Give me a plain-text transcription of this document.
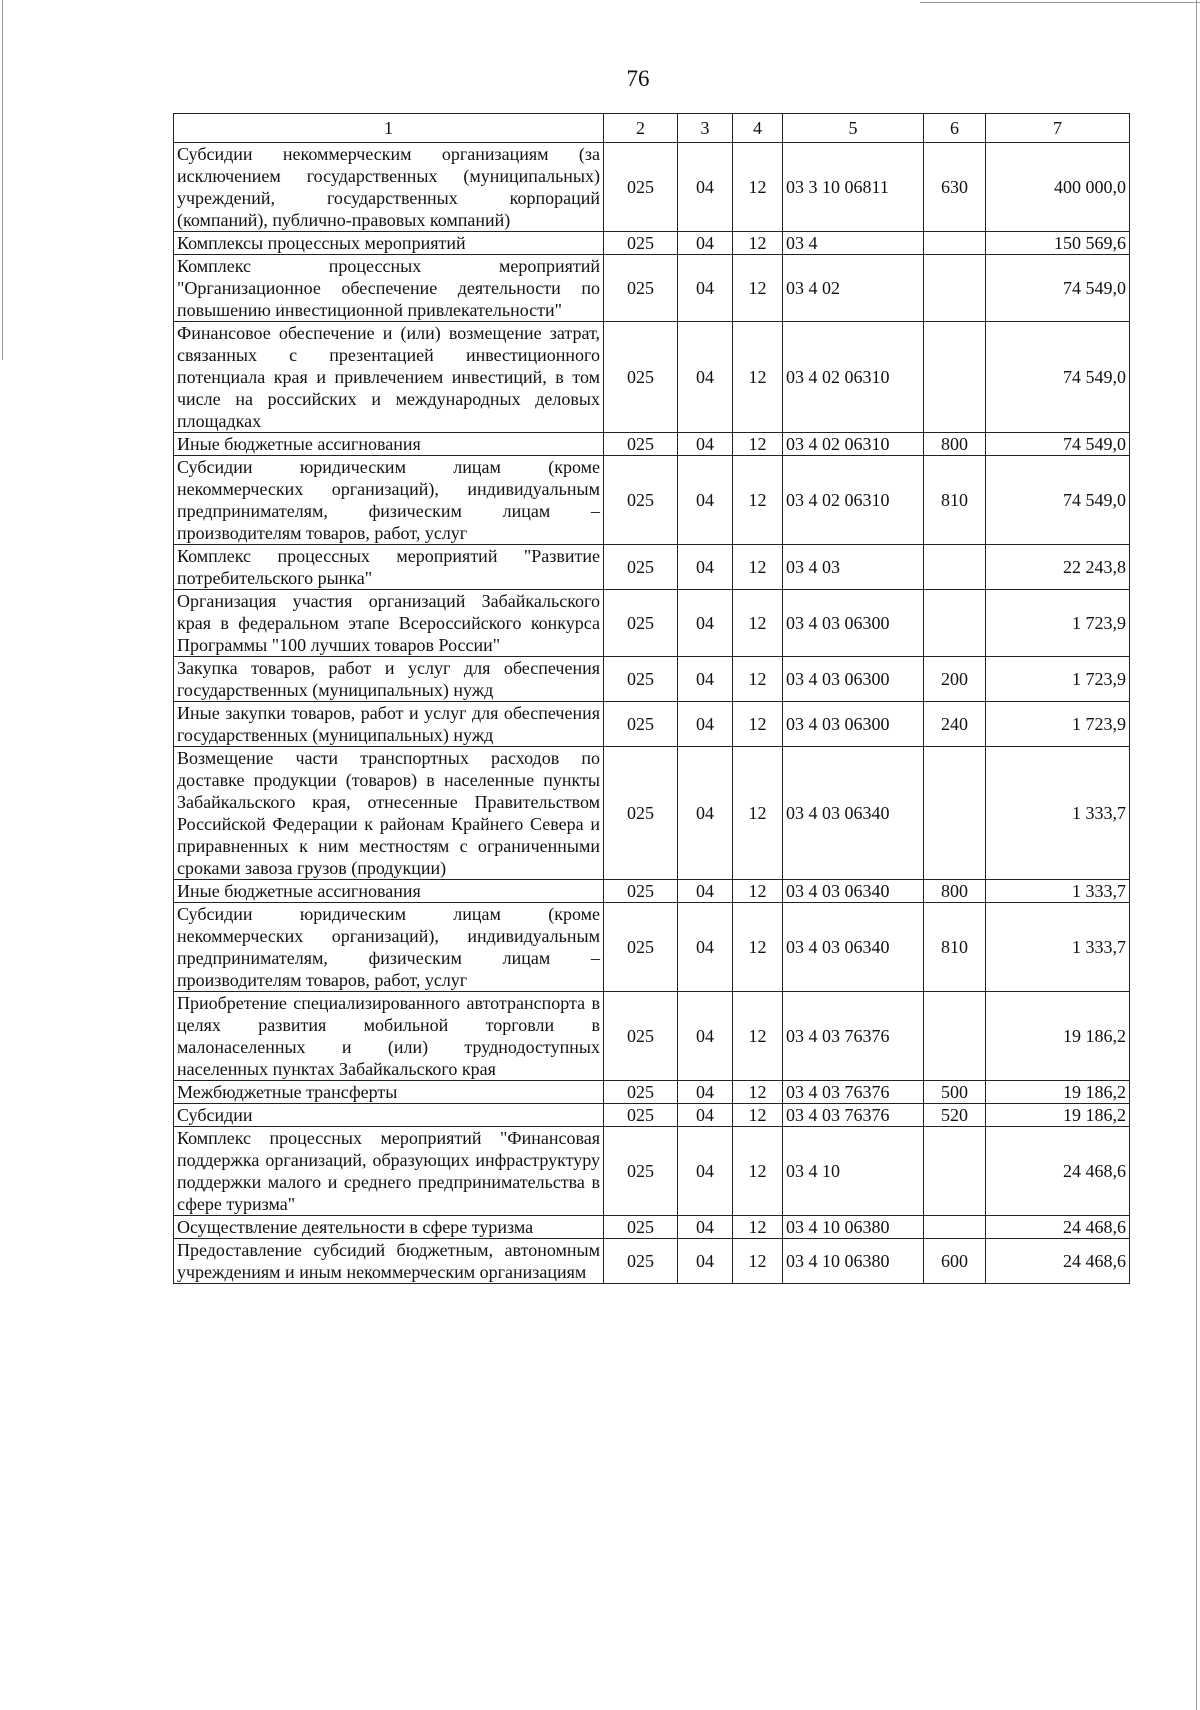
76
1	2	3	4	5	6	7
Субсидии некоммерческим организациям (за исключением государственных (муниципальных) учреждений, государственных корпораций (компаний), публично-правовых компаний)	025	04	12	03 3 10 06811	630	400 000,0
Комплексы процессных мероприятий	025	04	12	03 4		150 569,6
Комплекс процессных мероприятий "Организационное обеспечение деятельности по повышению инвестиционной привлекательности"	025	04	12	03 4 02		74 549,0
Финансовое обеспечение и (или) возмещение затрат, связанных с презентацией инвестиционного потенциала края и привлечением инвестиций, в том числе на российских и международных деловых площадках	025	04	12	03 4 02 06310		74 549,0
Иные бюджетные ассигнования	025	04	12	03 4 02 06310	800	74 549,0
Субсидии юридическим лицам (кроме некоммерческих организаций), индивидуальным предпринимателям, физическим лицам – производителям товаров, работ, услуг	025	04	12	03 4 02 06310	810	74 549,0
Комплекс процессных мероприятий "Развитие потребительского рынка"	025	04	12	03 4 03		22 243,8
Организация участия организаций Забайкальского края в федеральном этапе Всероссийского конкурса Программы "100 лучших товаров России"	025	04	12	03 4 03 06300		1 723,9
Закупка товаров, работ и услуг для обеспечения государственных (муниципальных) нужд	025	04	12	03 4 03 06300	200	1 723,9
Иные закупки товаров, работ и услуг для обеспечения государственных (муниципальных) нужд	025	04	12	03 4 03 06300	240	1 723,9
Возмещение части транспортных расходов по доставке продукции (товаров) в населенные пункты Забайкальского края, отнесенные Правительством Российской Федерации к районам Крайнего Севера и приравненных к ним местностям с ограниченными сроками завоза грузов (продукции)	025	04	12	03 4 03 06340		1 333,7
Иные бюджетные ассигнования	025	04	12	03 4 03 06340	800	1 333,7
Субсидии юридическим лицам (кроме некоммерческих организаций), индивидуальным предпринимателям, физическим лицам – производителям товаров, работ, услуг	025	04	12	03 4 03 06340	810	1 333,7
Приобретение специализированного автотранспорта в целях развития мобильной торговли в малонаселенных и (или) труднодоступных населенных пунктах Забайкальского края	025	04	12	03 4 03 76376		19 186,2
Межбюджетные трансферты	025	04	12	03 4 03 76376	500	19 186,2
Субсидии	025	04	12	03 4 03 76376	520	19 186,2
Комплекс процессных мероприятий "Финансовая поддержка организаций, образующих инфраструктуру поддержки малого и среднего предпринимательства в сфере туризма"	025	04	12	03 4 10		24 468,6
Осуществление деятельности в сфере туризма	025	04	12	03 4 10 06380		24 468,6
Предоставление субсидий бюджетным, автономным учреждениям и иным некоммерческим организациям	025	04	12	03 4 10 06380	600	24 468,6
